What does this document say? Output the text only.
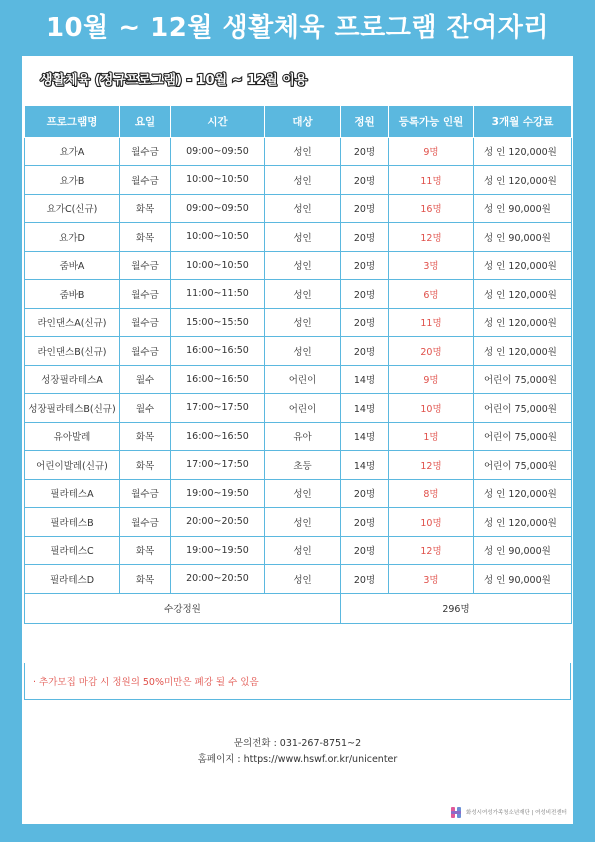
10월 ~ 12월 생활체육 프로그램 잔여자리
생활체육 (정규프로그램) - 10월 ~ 12월 이용
프로그램명	요일	시간	대상	정원	등록가능 인원	3개월 수강료
요가A	월수금	09:00~09:50	성인	20명	9명	성 인 120,000원
요가B	월수금	10:00~10:50	성인	20명	11명	성 인 120,000원
요가C(신규)	화목	09:00~09:50	성인	20명	16명	성 인 90,000원
요가D	화목	10:00~10:50	성인	20명	12명	성 인 90,000원
줌바A	월수금	10:00~10:50	성인	20명	3명	성 인 120,000원
줌바B	월수금	11:00~11:50	성인	20명	6명	성 인 120,000원
라인댄스A(신규)	월수금	15:00~15:50	성인	20명	11명	성 인 120,000원
라인댄스B(신규)	월수금	16:00~16:50	성인	20명	20명	성 인 120,000원
성장필라테스A	월수	16:00~16:50	어린이	14명	9명	어린이 75,000원
성장필라테스B(신규)	월수	17:00~17:50	어린이	14명	10명	어린이 75,000원
유아발레	화목	16:00~16:50	유아	14명	1명	어린이 75,000원
어린이발레(신규)	화목	17:00~17:50	초등	14명	12명	어린이 75,000원
필라테스A	월수금	19:00~19:50	성인	20명	8명	성 인 120,000원
필라테스B	월수금	20:00~20:50	성인	20명	10명	성 인 120,000원
필라테스C	화목	19:00~19:50	성인	20명	12명	성 인 90,000원
필라테스D	화목	20:00~20:50	성인	20명	3명	성 인 90,000원
수강정원				296명		
· 추가모집 마감 시 정원의 50%미만은 폐강 될 수 있음
문의전화 : 031-267-8751~2
홈페이지 : https://www.hswf.or.kr/unicenter
화성시여성가족청소년재단 | 여성비전센터
